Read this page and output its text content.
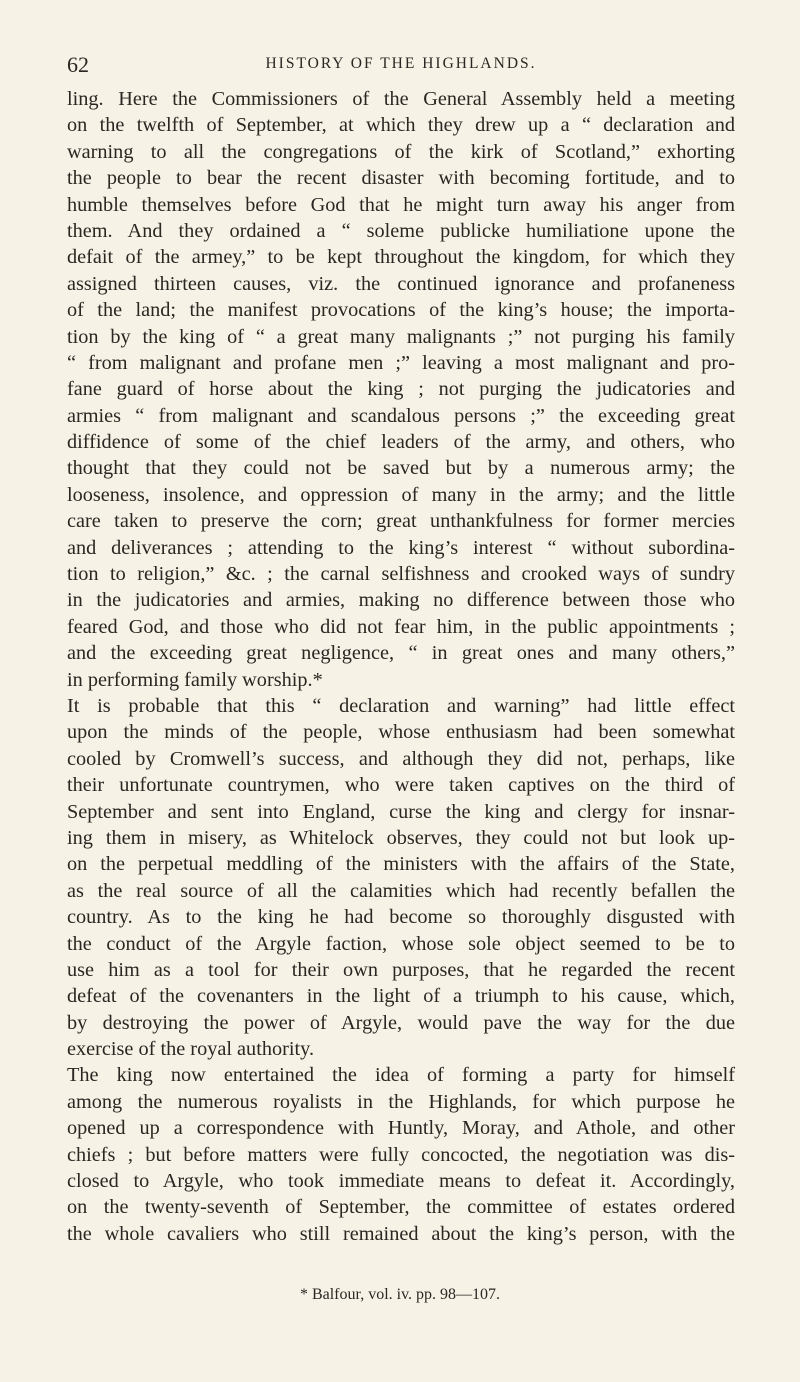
62	HISTORY OF THE HIGHLANDS.
ling. Here the Commissioners of the General Assembly held a meeting
on the twelfth of September, at which they drew up a “ declaration and
warning to all the congregations of the kirk of Scotland,” exhorting
the people to bear the recent disaster with becoming fortitude, and to
humble themselves before God that he might turn away his anger from
them. And they ordained a “ soleme publicke humiliatione upone the
defait of the armey,” to be kept throughout the kingdom, for which they
assigned thirteen causes, viz. the continued ignorance and profaneness
of the land; the manifest provocations of the king’s house; the importa-
tion by the king of “ a great many malignants ;” not purging his family
“ from malignant and profane men ;” leaving a most malignant and pro-
fane guard of horse about the king ; not purging the judicatories and
armies “ from malignant and scandalous persons ;” the exceeding great
diffidence of some of the chief leaders of the army, and others, who
thought that they could not be saved but by a numerous army; the
looseness, insolence, and oppression of many in the army; and the little
care taken to preserve the corn; great unthankfulness for former mercies
and deliverances ; attending to the king’s interest “ without subordina-
tion to religion,” &c. ; the carnal selfishness and crooked ways of sundry
in the judicatories and armies, making no difference between those who
feared God, and those who did not fear him, in the public appointments ;
and the exceeding great negligence, “ in great ones and many others,”
in performing family worship.*
It is probable that this “ declaration and warning” had little effect
upon the minds of the people, whose enthusiasm had been somewhat
cooled by Cromwell’s success, and although they did not, perhaps, like
their unfortunate countrymen, who were taken captives on the third of
September and sent into England, curse the king and clergy for insnar-
ing them in misery, as Whitelock observes, they could not but look up-
on the perpetual meddling of the ministers with the affairs of the State,
as the real source of all the calamities which had recently befallen the
country. As to the king he had become so thoroughly disgusted with
the conduct of the Argyle faction, whose sole object seemed to be to
use him as a tool for their own purposes, that he regarded the recent
defeat of the covenanters in the light of a triumph to his cause, which,
by destroying the power of Argyle, would pave the way for the due
exercise of the royal authority.
The king now entertained the idea of forming a party for himself
among the numerous royalists in the Highlands, for which purpose he
opened up a correspondence with Huntly, Moray, and Athole, and other
chiefs ; but before matters were fully concocted, the negotiation was dis-
closed to Argyle, who took immediate means to defeat it. Accordingly,
on the twenty-seventh of September, the committee of estates ordered
the whole cavaliers who still remained about the king’s person, with the
* Balfour, vol. iv. pp. 98—107.
